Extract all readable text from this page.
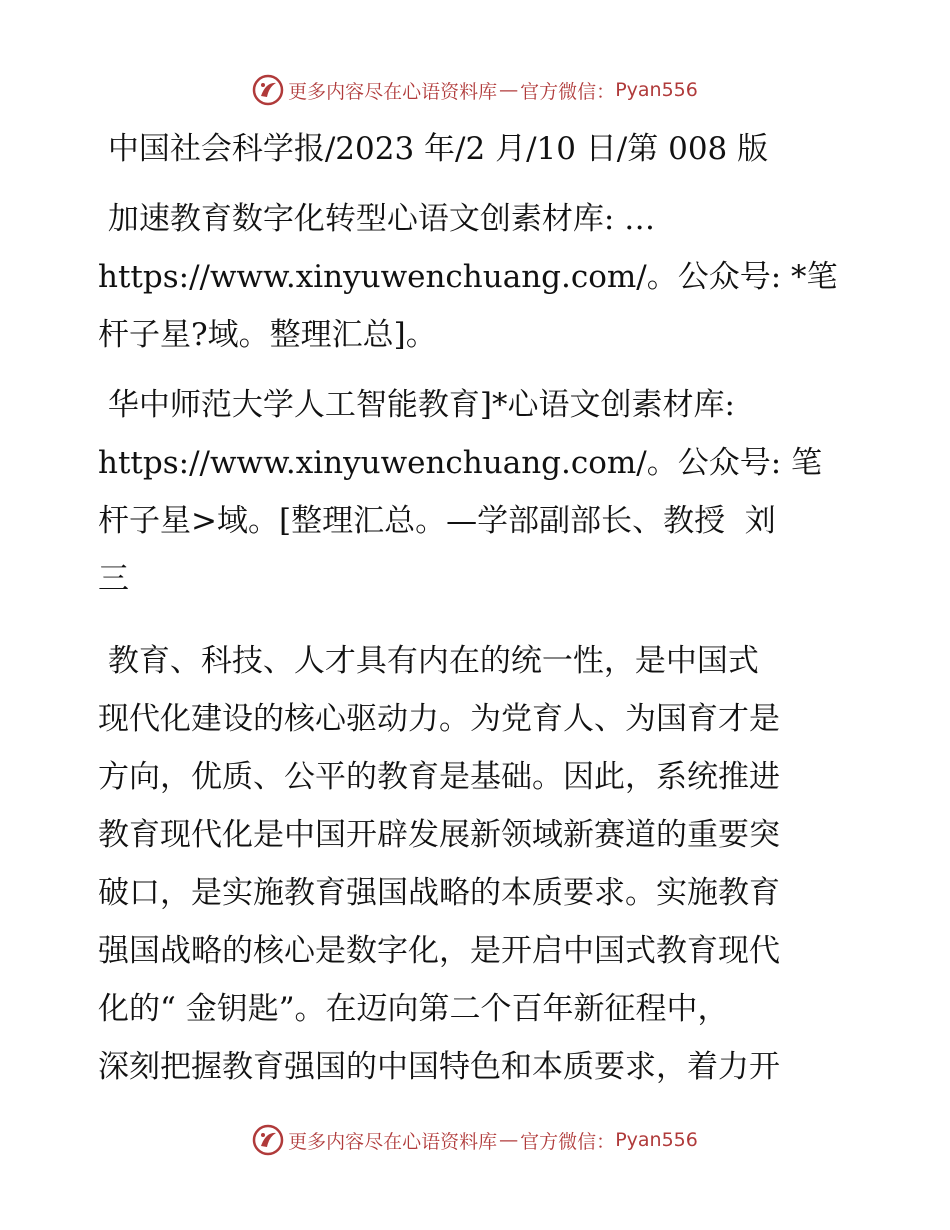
更多内容尽在心语资料库 — 官方微信： Pyan556
中国社会科学报/2023 年/2 月/10 日/第 008 版
加速教育数字化转型心语文创素材库: …
https://www.xinyuwenchuang.com/。公众号: *笔
杆子星?域。整理汇总]。
华中师范大学人工智能教育]*心语文创素材库:
https://www.xinyuwenchuang.com/。公众号: 笔
杆子星>域。[整理汇总。—学部副部长、教授  刘
三
教育、科技、人才具有内在的统一性，是中国式
现代化建设的核心驱动力。为党育人、为国育才是
方向，优质、公平的教育是基础。因此，系统推进
教育现代化是中国开辟发展新领域新赛道的重要突
破口，是实施教育强国战略的本质要求。实施教育
强国战略的核心是数字化，是开启中国式教育现代
化的“ 金钥匙”。在迈向第二个百年新征程中，
深刻把握教育强国的中国特色和本质要求，着力开
更多内容尽在心语资料库 — 官方微信： Pyan556
